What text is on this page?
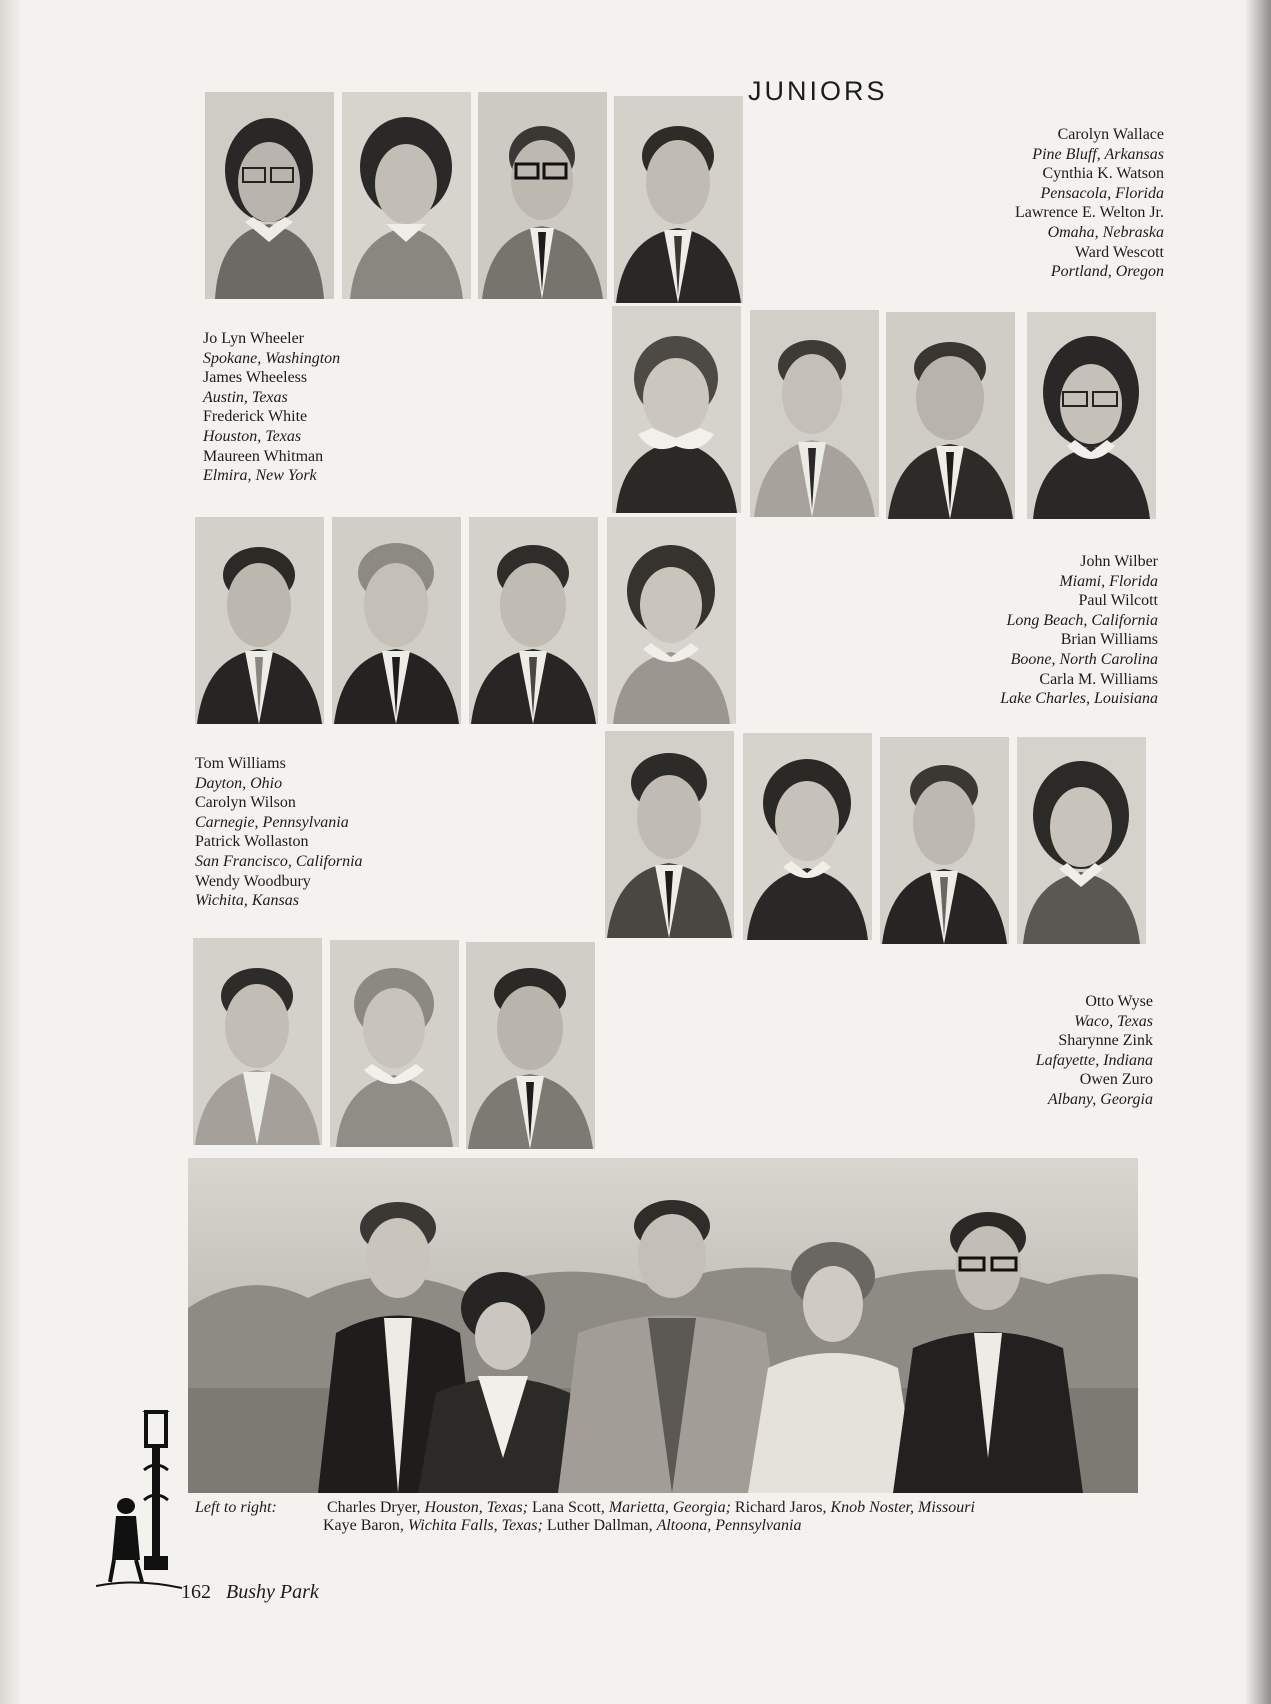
JUNIORS
Carolyn Wallace
Pine Bluff, Arkansas
Cynthia K. Watson
Pensacola, Florida
Lawrence E. Welton Jr.
Omaha, Nebraska
Ward Wescott
Portland, Oregon
Jo Lyn Wheeler
Spokane, Washington
James Wheeless
Austin, Texas
Frederick White
Houston, Texas
Maureen Whitman
Elmira, New York
John Wilber
Miami, Florida
Paul Wilcott
Long Beach, California
Brian Williams
Boone, North Carolina
Carla M. Williams
Lake Charles, Louisiana
Tom Williams
Dayton, Ohio
Carolyn Wilson
Carnegie, Pennsylvania
Patrick Wollaston
San Francisco, California
Wendy Woodbury
Wichita, Kansas
Otto Wyse
Waco, Texas
Sharynne Zink
Lafayette, Indiana
Owen Zuro
Albany, Georgia
Left to right:	Charles Dryer, Houston, Texas; Lana Scott, Marietta, Georgia; Richard Jaros, Knob Noster, Missouri
Kaye Baron, Wichita Falls, Texas; Luther Dallman, Altoona, Pennsylvania
162 Bushy Park
